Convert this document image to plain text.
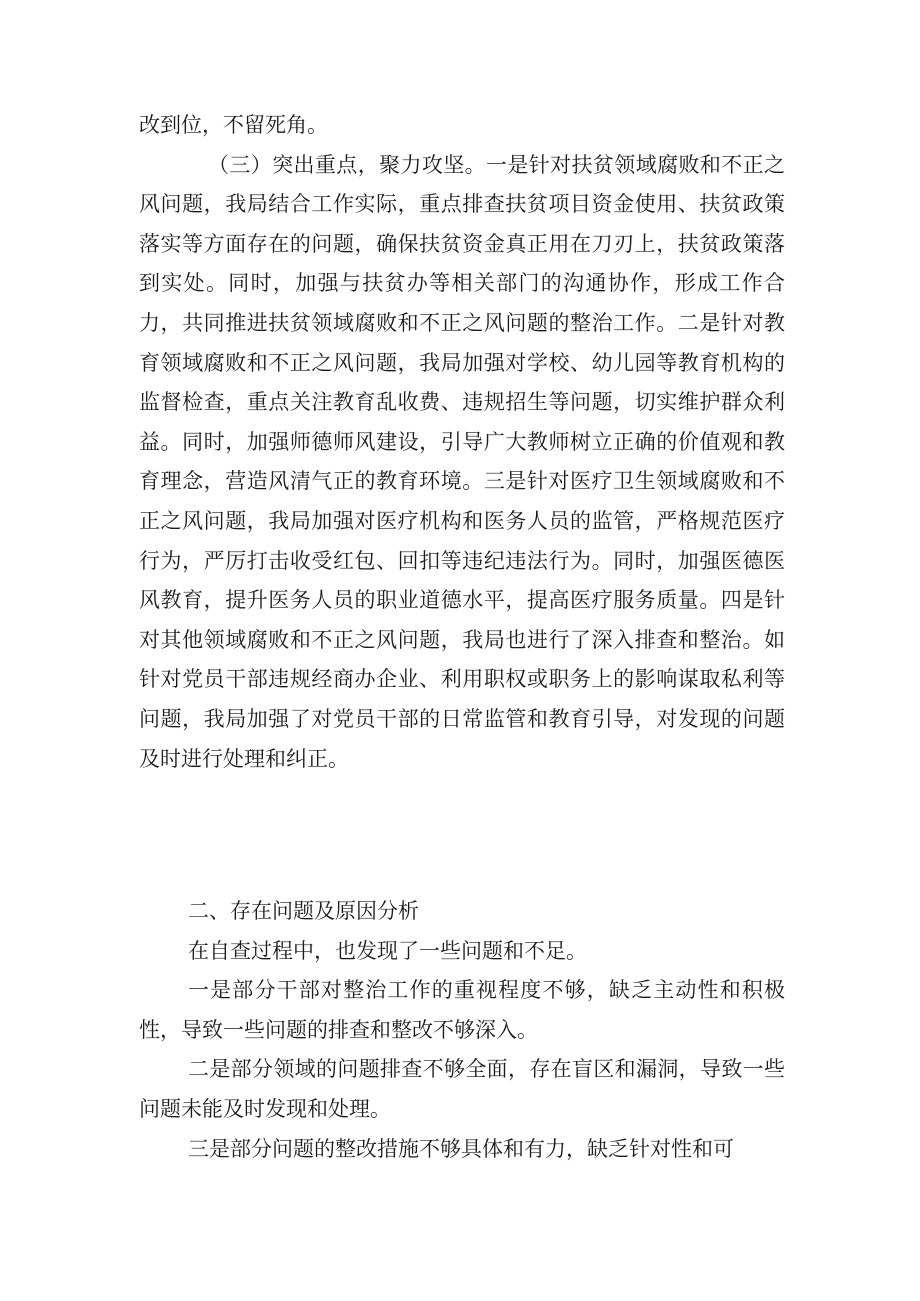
改到位，不留死角。

（三）突出重点，聚力攻坚。一是针对扶贫领域腐败和不正之风问题，我局结合工作实际，重点排查扶贫项目资金使用、扶贫政策落实等方面存在的问题，确保扶贫资金真正用在刀刃上，扶贫政策落到实处。同时，加强与扶贫办等相关部门的沟通协作，形成工作合力，共同推进扶贫领域腐败和不正之风问题的整治工作。二是针对教育领域腐败和不正之风问题，我局加强对学校、幼儿园等教育机构的监督检查，重点关注教育乱收费、违规招生等问题，切实维护群众利益。同时，加强师德师风建设，引导广大教师树立正确的价值观和教育理念，营造风清气正的教育环境。三是针对医疗卫生领域腐败和不正之风问题，我局加强对医疗机构和医务人员的监管，严格规范医疗行为，严厉打击收受红包、回扣等违纪违法行为。同时，加强医德医风教育，提升医务人员的职业道德水平，提高医疗服务质量。四是针对其他领域腐败和不正之风问题，我局也进行了深入排查和整治。如针对党员干部违规经商办企业、利用职权或职务上的影响谋取私利等问题，我局加强了对党员干部的日常监管和教育引导，对发现的问题及时进行处理和纠正。

二、存在问题及原因分析

在自查过程中，也发现了一些问题和不足。

一是部分干部对整治工作的重视程度不够，缺乏主动性和积极性，导致一些问题的排查和整改不够深入。

二是部分领域的问题排查不够全面，存在盲区和漏洞，导致一些问题未能及时发现和处理。

三是部分问题的整改措施不够具体和有力，缺乏针对性和可
